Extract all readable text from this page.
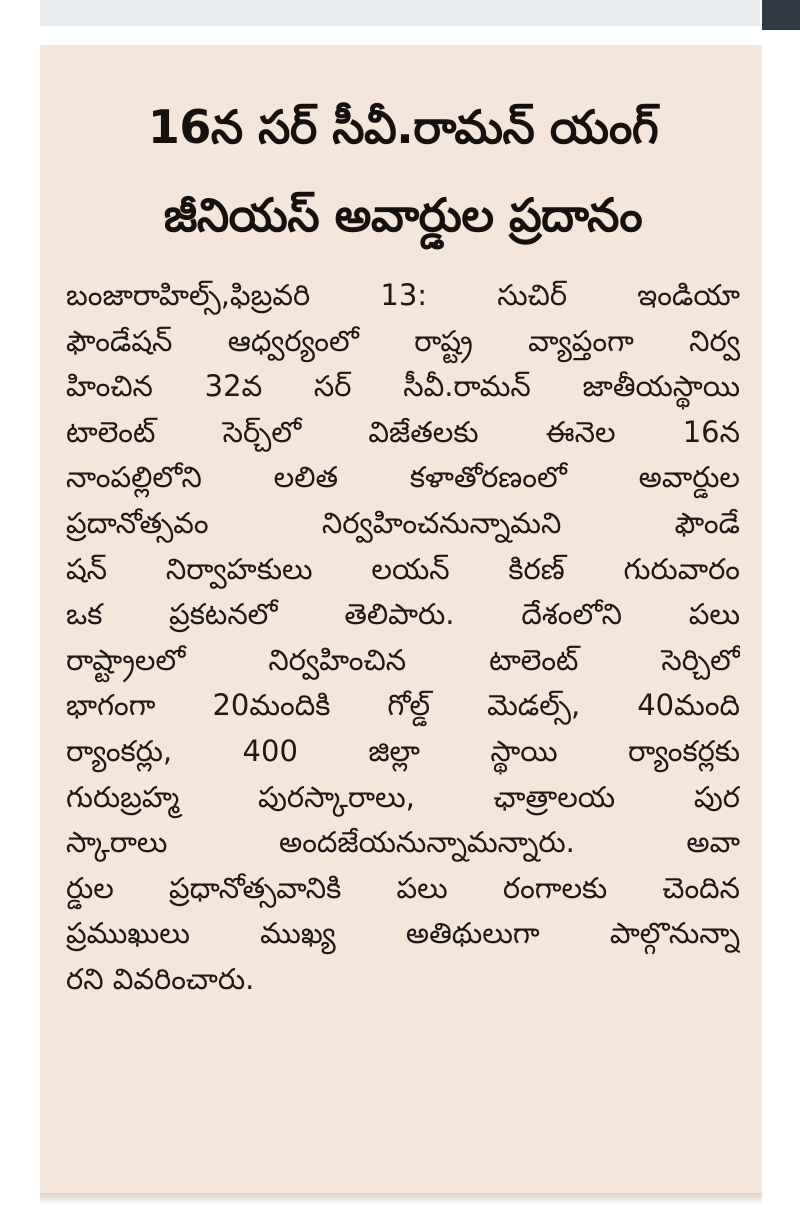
16న సర్ సీవీ.రామన్ యంగ్
జీనియస్ అవార్డుల ప్రదానం
బంజారాహిల్స్,ఫిబ్రవరి 13: సుచిర్ ఇండియా
ఫౌండేషన్ ఆధ్వర్యంలో రాష్ట్ర వ్యాప్తంగా నిర్వ
హించిన 32వ సర్ సీవీ.రామన్ జాతీయస్థాయి
టాలెంట్ సెర్చ్‌లో విజేతలకు ఈనెల 16న
నాంపల్లిలోని లలిత కళాతోరణంలో అవార్డుల
ప్రదానోత్సవం నిర్వహించనున్నామని ఫౌండే
షన్ నిర్వాహకులు లయన్ కిరణ్ గురువారం
ఒక ప్రకటనలో తెలిపారు. దేశంలోని పలు
రాష్ట్రాలలో నిర్వహించిన టాలెంట్ సెర్చిలో
భాగంగా 20మందికి గోల్డ్ మెడల్స్, 40మంది
ర్యాంకర్లు, 400 జిల్లా స్థాయి ర్యాంకర్లకు
గురుబ్రహ్మ పురస్కారాలు, ఛాత్రాలయ పుర
స్కారాలు అందజేయనున్నామన్నారు. అవా
ర్డుల ప్రధానోత్సవానికి పలు రంగాలకు చెందిన
ప్రముఖులు ముఖ్య అతిథులుగా పాల్గొనున్నా
రని వివరించారు.
